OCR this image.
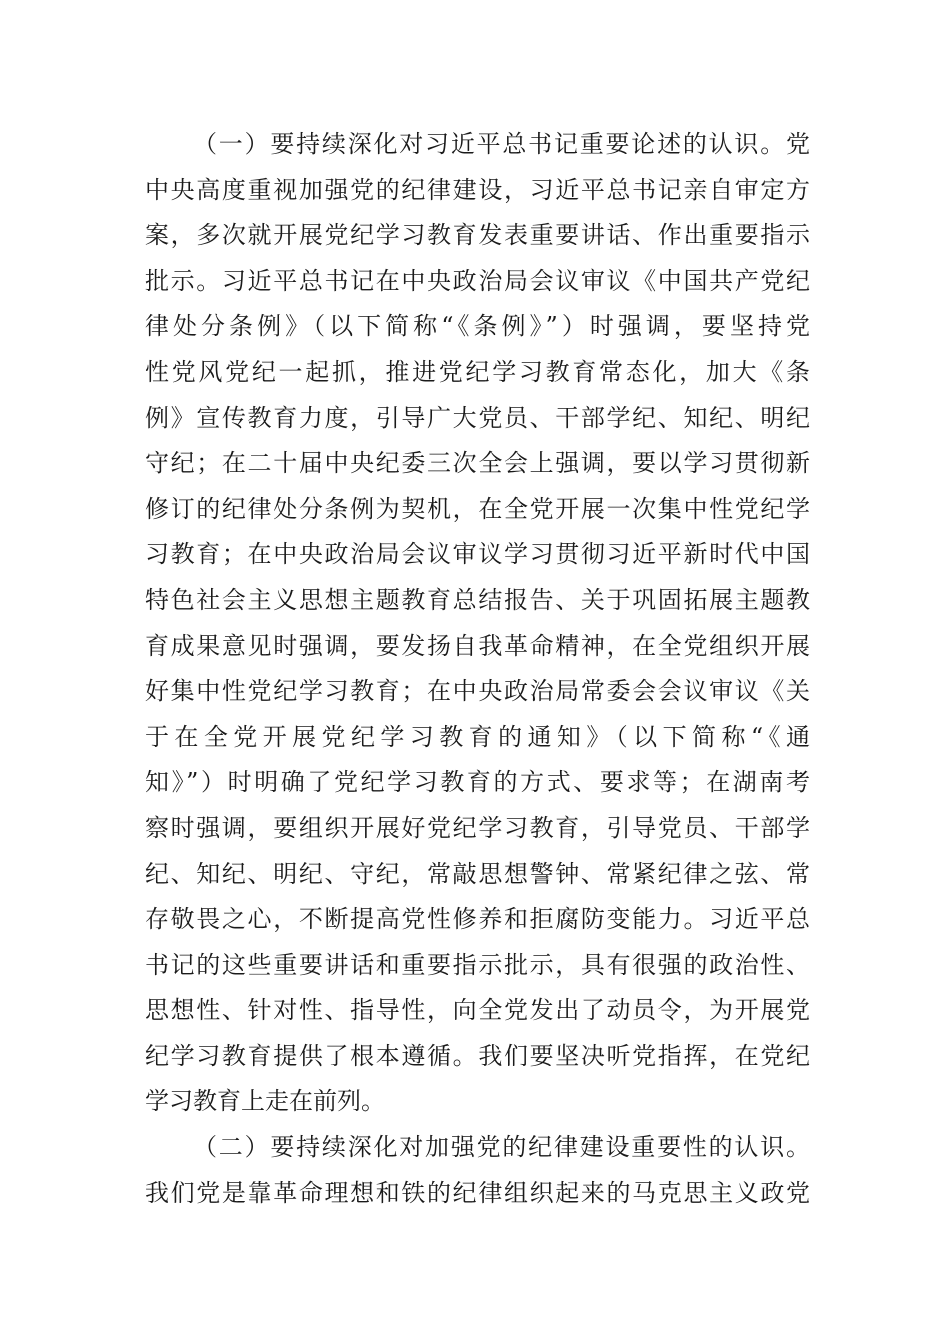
（一）要持续深化对习近平总书记重要论述的认识。党
中央高度重视加强党的纪律建设，习近平总书记亲自审定方
案，多次就开展党纪学习教育发表重要讲话、作出重要指示
批示。习近平总书记在中央政治局会议审议《中国共产党纪
律处分条例》（以下简称“《条例》”）时强调，要坚持党
性党风党纪一起抓，推进党纪学习教育常态化，加大《条
例》宣传教育力度，引导广大党员、干部学纪、知纪、明纪
守纪；在二十届中央纪委三次全会上强调，要以学习贯彻新
修订的纪律处分条例为契机，在全党开展一次集中性党纪学
习教育；在中央政治局会议审议学习贯彻习近平新时代中国
特色社会主义思想主题教育总结报告、关于巩固拓展主题教
育成果意见时强调，要发扬自我革命精神，在全党组织开展
好集中性党纪学习教育；在中央政治局常委会会议审议《关
于在全党开展党纪学习教育的通知》（以下简称“《通
知》”）时明确了党纪学习教育的方式、要求等；在湖南考
察时强调，要组织开展好党纪学习教育，引导党员、干部学
纪、知纪、明纪、守纪，常敲思想警钟、常紧纪律之弦、常
存敬畏之心，不断提高党性修养和拒腐防变能力。习近平总
书记的这些重要讲话和重要指示批示，具有很强的政治性、
思想性、针对性、指导性，向全党发出了动员令，为开展党
纪学习教育提供了根本遵循。我们要坚决听党指挥，在党纪
学习教育上走在前列。
（二）要持续深化对加强党的纪律建设重要性的认识。
我们党是靠革命理想和铁的纪律组织起来的马克思主义政党
